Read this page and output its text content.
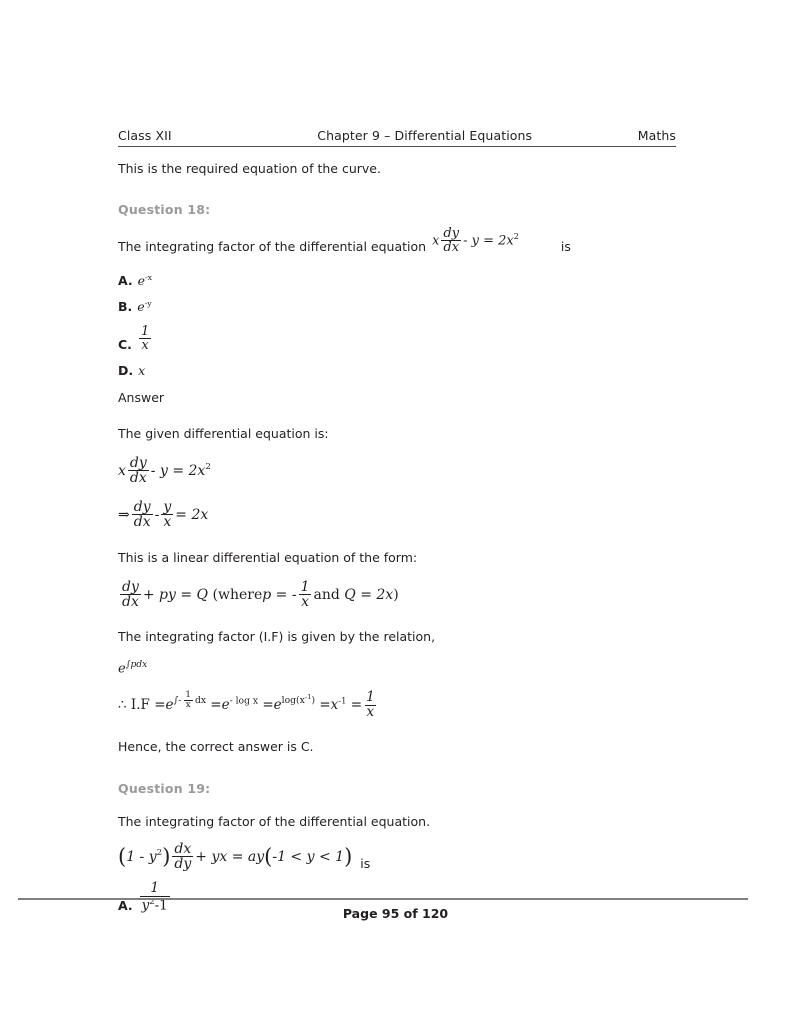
Class XII	Chapter 9 – Differential Equations	Maths

This is the required equation of the curve.

Question 18:

The integrating factor of the differential equation x $\frac{dy}{dx} - y = 2x^2$
is

A. $e^{-x}$

B. $e^{-y}$

C. $\frac{1}{x}$

D. x

Answer

The given differential equation is:

x $\frac{dy}{dx} - y = 2x^2$

⇒ $\frac{dy}{dx} - \frac{y}{x} = 2x$

This is a linear differential equation of the form:

$\frac{dy}{dx}$ + py = Q (wherep = - $\frac{1}{x}$ and Q = 2x)

The integrating factor (I.F) is given by the relation,

$e^{\int pdx}$

∴ $I.F =e^{\int- \frac{1}{x} dx} =e^{- log x} =e^{log(x^{-1})} =x^{-1} = \frac{1}{x}$

Hence, the correct answer is C.

Question 19:

The integrating factor of the differential equation.

$(1 - y^2) \frac{dx}{dy}$ + yx = ay(-1 < y < 1) is

A. $\frac{1}{y^2-1}$

Page 95 of 120
